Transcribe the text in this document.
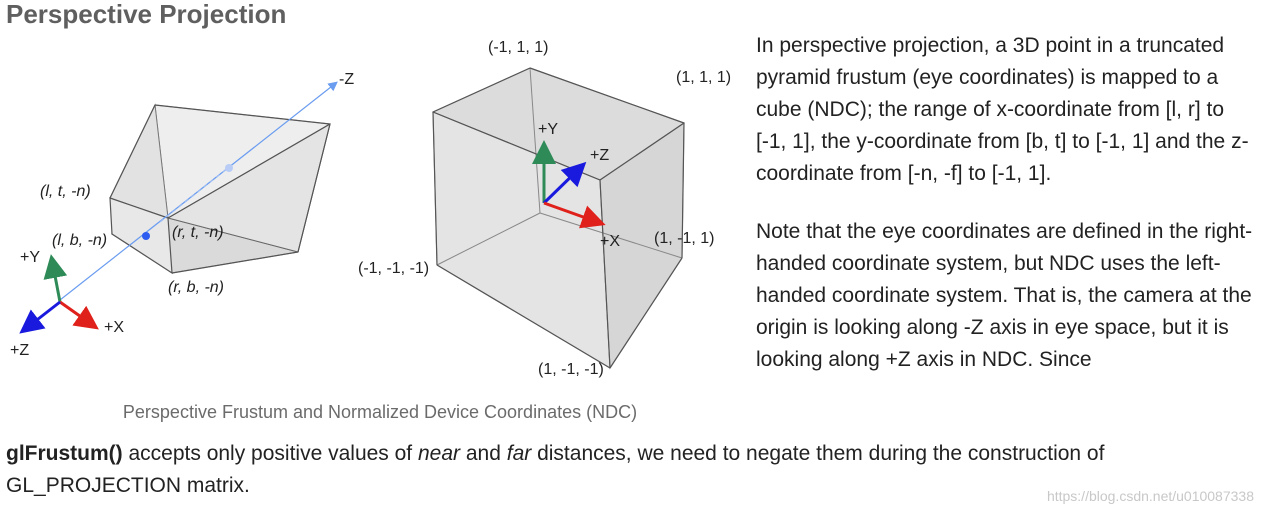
Perspective Projection
-Z
(l, t, -n)
(l, b, -n)	(r, t, -n)
(r, b, -n)
+Y
+X
+Z
+Y
+Z
+X
(-1, 1, 1)
(1, 1, 1)
(-1, -1, -1)
(1, -1, 1)
(1, -1, -1)
Perspective Frustum and Normalized Device Coordinates (NDC)

In perspective projection, a 3D point in a truncated pyramid frustum (eye coordinates) is mapped to a cube (NDC); the range of x-coordinate from [l, r] to [-1, 1], the y-coordinate from [b, t] to [-1, 1] and the z-coordinate from [-n, -f] to [-1, 1].

Note that the eye coordinates are defined in the right-handed coordinate system, but NDC uses the left-handed coordinate system. That is, the camera at the origin is looking along -Z axis in eye space, but it is looking along +Z axis in NDC. Since

glFrustum() accepts only positive values of near and far distances, we need to negate them during the construction of GL_PROJECTION matrix.	https://blog.csdn.net/u010087338
